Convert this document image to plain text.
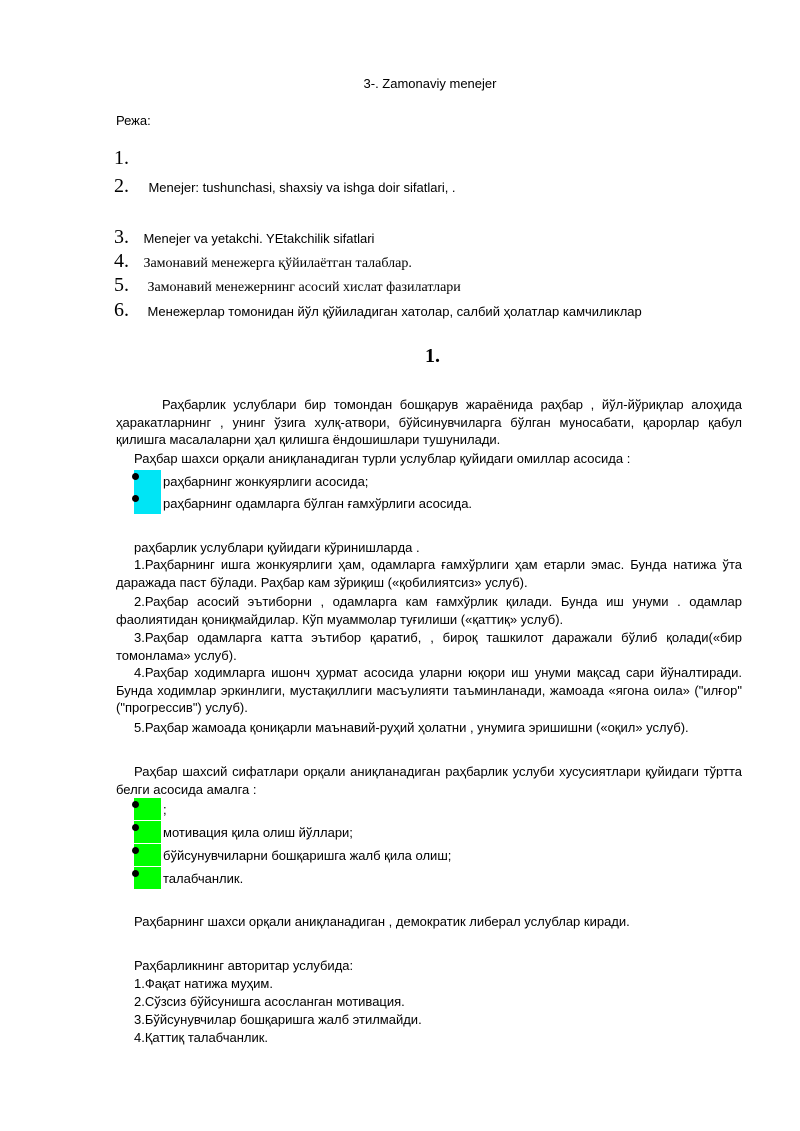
3-. Zamonaviy menejer
Режа:
1.
2. Menejer: tushunchasi, shaxsiy va ishga doir sifatlari, .
3. Menejer va yetakchi. YEtakchilik sifatlari
4. Замонавий менежерга қўйилаётган талаблар.
5. Замонавий менежернинг асосий хислат фазилатлари
6. Менежерлар томонидан йўл қўйиладиган хатолар, салбий ҳолатлар камчиликлар
1.
Раҳбарлик услублари бир томондан бошқарув жараёнида раҳбар , йўл-йўриқлар алоҳида ҳаракатларнинг , унинг ўзига хулқ-атвори, бўйсинувчиларга бўлган муносабати, қарорлар қабул қилишга масалаларни ҳал қилишга ёндошишлари тушунилади.
Раҳбар шахси орқали аниқланадиган турли услублар қуйидаги омиллар асосида :
раҳбарнинг жонкуярлиги асосида;
раҳбарнинг одамларга бўлган ғамхўрлиги асосида.
раҳбарлик услублари қуйидаги кўринишларда .
1.Раҳбарнинг ишга жонкуярлиги ҳам, одамларга ғамхўрлиги ҳам етарли эмас. Бунда натижа ўта даражада паст бўлади. Раҳбар кам зўриқиш («қобилиятсиз» услуб).
2.Раҳбар асосий эътиборни , одамларга кам ғамхўрлик қилади. Бунда иш унуми . одамлар фаолиятидан қониқмайдилар. Кўп муаммолар туғилиши («қаттиқ» услуб).
3.Раҳбар одамларга катта эътибор қаратиб, , бироқ ташкилот даражали бўлиб қолади(«бир томонлама» услуб).
4.Раҳбар ходимларга ишонч ҳурмат асосида уларни юқори иш унуми мақсад сари йўналтиради. Бунда ходимлар эркинлиги, мустақиллиги масъулияти таъминланади, жамоада «ягона оила» ("илғор" ("прогрессив") услуб).
5.Раҳбар жамоада қониқарли маънавий-руҳий ҳолатни , унумига эришишни («оқил» услуб).
Раҳбар шахсий сифатлари орқали аниқланадиган раҳбарлик услуби хусусиятлари қуйидаги тўртта белги асосида амалга :
;
мотивация қила олиш йўллари;
бўйсунувчиларни бошқаришга жалб қила олиш;
талабчанлик.
Раҳбарнинг шахси орқали аниқланадиган , демократик либерал услублар киради.
Раҳбарликнинг авторитар услубида:
1.Фақат натижа муҳим.
2.Сўзсиз бўйсунишга асосланган мотивация.
3.Бўйсунувчилар бошқаришга жалб этилмайди.
4.Қаттиқ талабчанлик.
